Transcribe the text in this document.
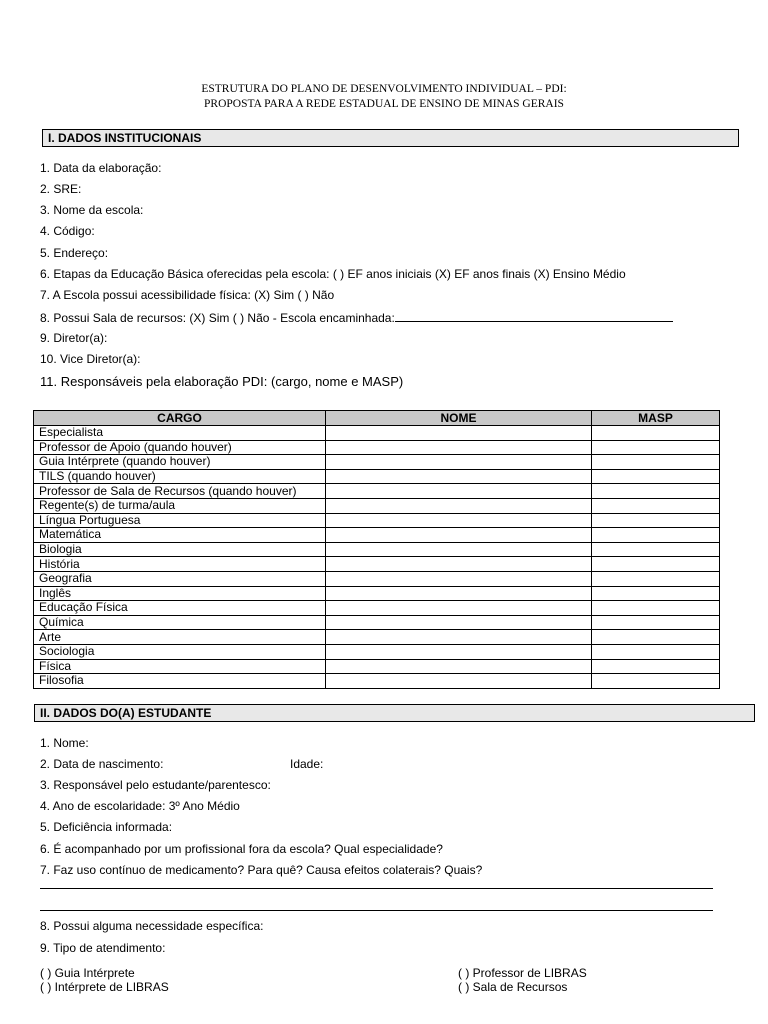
ESTRUTURA DO PLANO DE DESENVOLVIMENTO INDIVIDUAL – PDI:
PROPOSTA PARA A REDE ESTADUAL DE ENSINO DE MINAS GERAIS
I. DADOS INSTITUCIONAIS
1. Data da elaboração:
2. SRE:
3. Nome da escola:
4. Código:
5. Endereço:
6. Etapas da Educação Básica oferecidas pela escola: ( ) EF anos iniciais (X) EF anos finais (X) Ensino Médio
7. A Escola possui acessibilidade física: (X) Sim ( ) Não
8. Possui Sala de recursos: (X) Sim ( ) Não - Escola encaminhada:
9. Diretor(a):
10. Vice Diretor(a):
11. Responsáveis pela elaboração PDI: (cargo, nome e MASP)
CARGO	NOME	MASP
Especialista		
Professor de Apoio (quando houver)		
Guia Intérprete (quando houver)		
TILS (quando houver)		
Professor de Sala de Recursos (quando houver)		
Regente(s) de turma/aula		
Língua Portuguesa		
Matemática		
Biologia		
História		
Geografia		
Inglês		
Educação Física		
Química		
Arte		
Sociologia		
Física		
Filosofia		
II. DADOS DO(A) ESTUDANTE
1. Nome:
2. Data de nascimento:	Idade:
3. Responsável pelo estudante/parentesco:
4. Ano de escolaridade: 3º Ano Médio
5. Deficiência informada:
6. É acompanhado por um profissional fora da escola? Qual especialidade?
7. Faz uso contínuo de medicamento? Para quê? Causa efeitos colaterais? Quais?
8. Possui alguma necessidade específica:
9. Tipo de atendimento:
( ) Guia Intérprete	( ) Professor de LIBRAS
( ) Intérprete de LIBRAS	( ) Sala de Recursos
